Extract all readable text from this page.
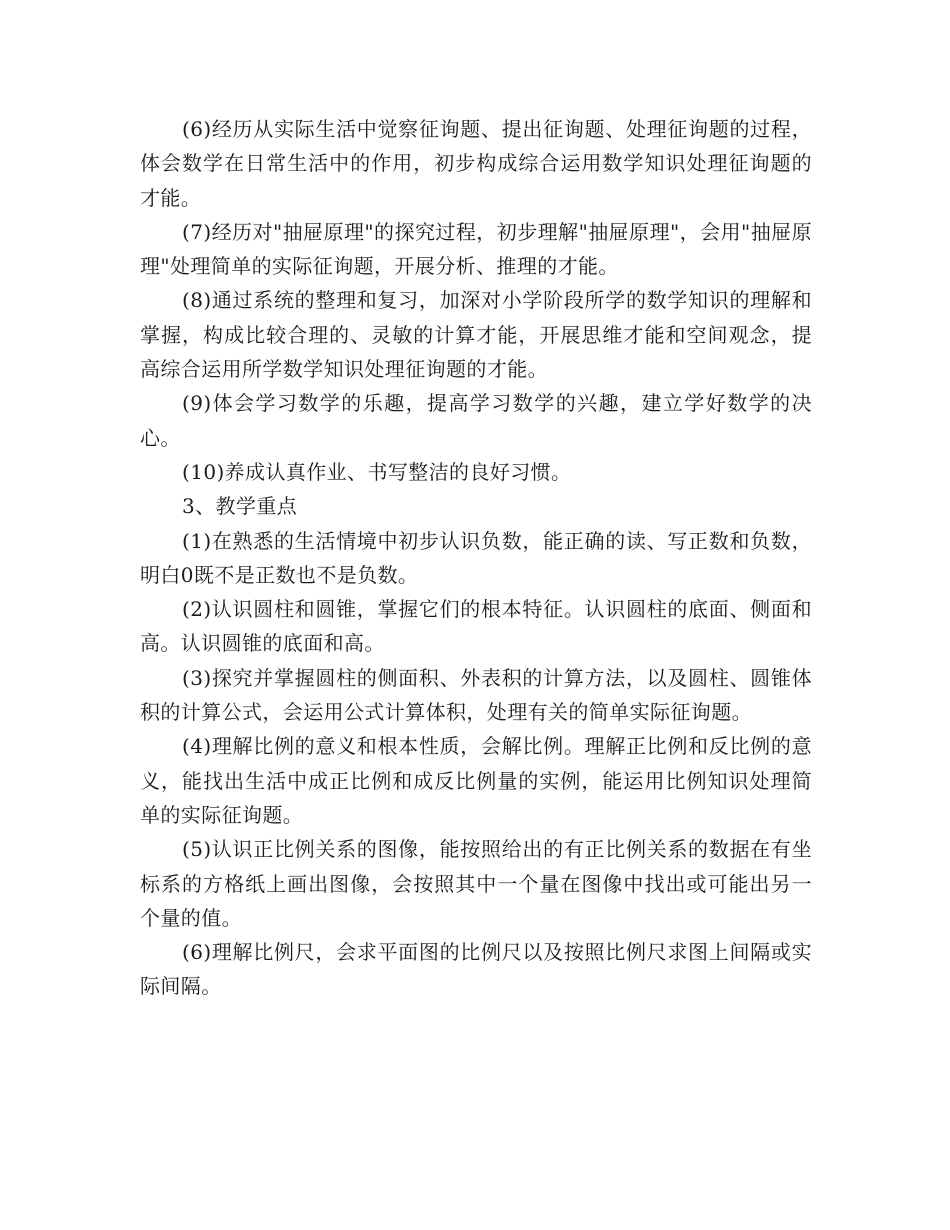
(6)经历从实际生活中觉察征询题、提出征询题、处理征询题的过程，体会数学在日常生活中的作用，初步构成综合运用数学知识处理征询题的才能。

(7)经历对"抽屉原理"的探究过程，初步理解"抽屉原理"，会用"抽屉原理"处理简单的实际征询题，开展分析、推理的才能。

(8)通过系统的整理和复习，加深对小学阶段所学的数学知识的理解和掌握，构成比较合理的、灵敏的计算才能，开展思维才能和空间观念，提高综合运用所学数学知识处理征询题的才能。

(9)体会学习数学的乐趣，提高学习数学的兴趣，建立学好数学的决心。

(10)养成认真作业、书写整洁的良好习惯。

3、教学重点

(1)在熟悉的生活情境中初步认识负数，能正确的读、写正数和负数，明白0既不是正数也不是负数。

(2)认识圆柱和圆锥，掌握它们的根本特征。认识圆柱的底面、侧面和高。认识圆锥的底面和高。

(3)探究并掌握圆柱的侧面积、外表积的计算方法，以及圆柱、圆锥体积的计算公式，会运用公式计算体积，处理有关的简单实际征询题。

(4)理解比例的意义和根本性质，会解比例。理解正比例和反比例的意义，能找出生活中成正比例和成反比例量的实例，能运用比例知识处理简单的实际征询题。

(5)认识正比例关系的图像，能按照给出的有正比例关系的数据在有坐标系的方格纸上画出图像，会按照其中一个量在图像中找出或可能出另一个量的值。

(6)理解比例尺，会求平面图的比例尺以及按照比例尺求图上间隔或实际间隔。
